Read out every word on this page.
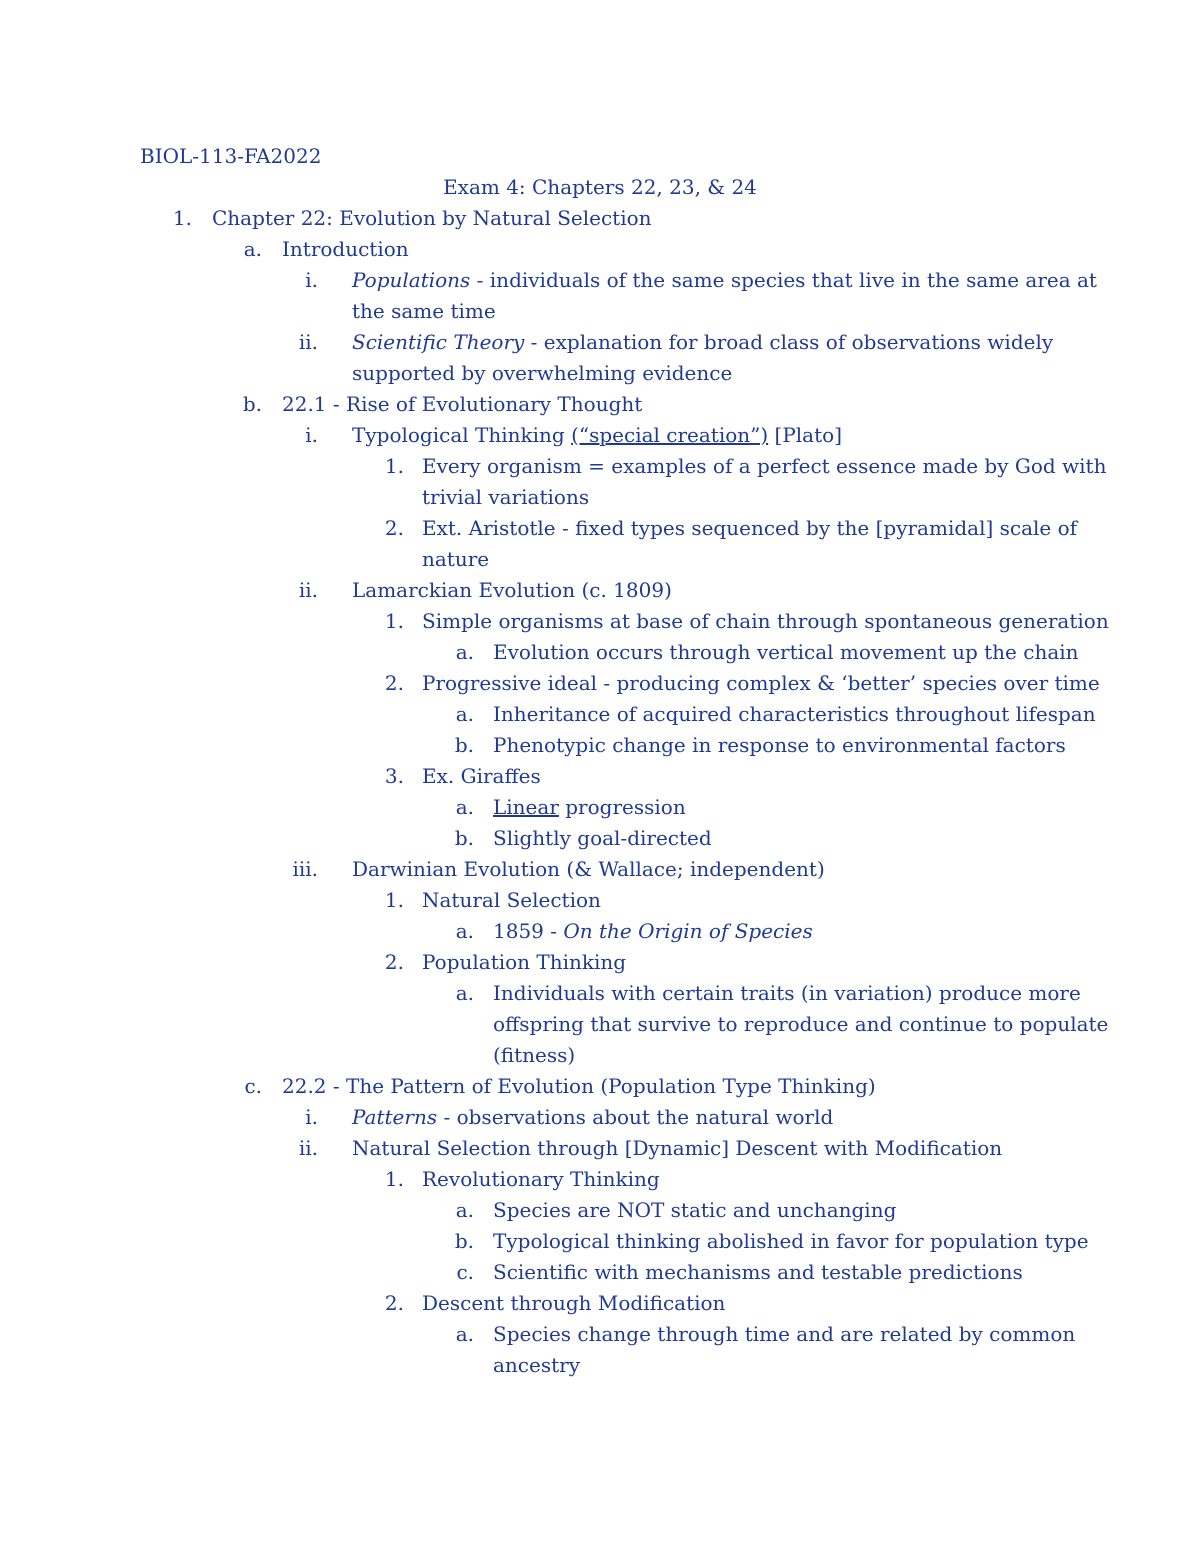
BIOL-113-FA2022
Exam 4: Chapters 22, 23, & 24
1. Chapter 22: Evolution by Natural Selection
a. Introduction
i. Populations - individuals of the same species that live in the same area at
the same time
ii. Scientific Theory - explanation for broad class of observations widely
supported by overwhelming evidence
b. 22.1 - Rise of Evolutionary Thought
i. Typological Thinking (“special creation”) [Plato]
1. Every organism = examples of a perfect essence made by God with
trivial variations
2. Ext. Aristotle - fixed types sequenced by the [pyramidal] scale of
nature
ii. Lamarckian Evolution (c. 1809)
1. Simple organisms at base of chain through spontaneous generation
a. Evolution occurs through vertical movement up the chain
2. Progressive ideal - producing complex & ‘better’ species over time
a. Inheritance of acquired characteristics throughout lifespan
b. Phenotypic change in response to environmental factors
3. Ex. Giraffes
a. Linear progression
b. Slightly goal-directed
iii. Darwinian Evolution (& Wallace; independent)
1. Natural Selection
a. 1859 - On the Origin of Species
2. Population Thinking
a. Individuals with certain traits (in variation) produce more
offspring that survive to reproduce and continue to populate
(fitness)
c. 22.2 - The Pattern of Evolution (Population Type Thinking)
i. Patterns - observations about the natural world
ii. Natural Selection through [Dynamic] Descent with Modification
1. Revolutionary Thinking
a. Species are NOT static and unchanging
b. Typological thinking abolished in favor for population type
c. Scientific with mechanisms and testable predictions
2. Descent through Modification
a. Species change through time and are related by common
ancestry
